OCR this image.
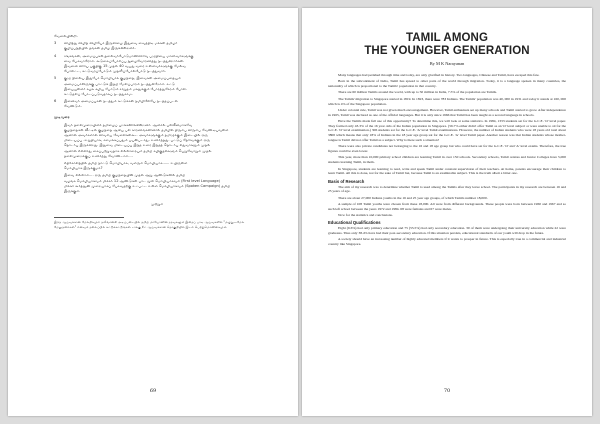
வேலையின்றி.

3	விழித்து விழித் விழியோ இருவிழை இதுவை வைத்திடி மக்கள் தமிழர்

குழிப்பந்தியில் தங்கள் தமிழ இருக்கின்றனர்.

4	சங்கங்கள், அமைப்புகள்,தலைவர்போடுமானிவிரிவு பழுதியை மாணவர்களுக்கு

வை பேசுவாரோம். கூடுகைப்போரிப்பு நுழைவோரணத்து நடத்துகிறார்கள்.

இவனை விரிய பகுதிகு 15 முதல் 40 வயது வரை உள்ளவர்களுக்கு மேல்வ

போலட்ட, சுட்டுவரப்போடும் முதலிப்போல்போடு நடத்துவார்.

5	குழு நிலைய இதுபோ மொழியாக் குழந்தை, இவைகள் அமைப்பதையும்

அமைப்பாளிருக்கு பாட்டுக் இதழ் மேலப்பாரம் நடத்துகிறோம். சுட்டு

இயையுள்ளர் கழக கழியு போடும் சாறுதம் மகதுக்கும் போரத்துகேரம் போல.

சுட்டுதலப் போடப்படுவதாகப் நடத்துகாம.

6	இனைவர் அமைப்புகள் நடத்தும் கட்டுக்கள் நமிழிலேயே நடத்தப்படல்

வேண்டும்.

முடிவுரை

இவர் தலைமுறையினர் தமிழைப் புறக்கணிக்கின்றனர். ஆனால் பலவீனமாகவே

குழந்தைகள் வீட்டில் குழந்தை ஆகிய பல காரணங்களினால் தமிழில் திரும்ப விரும்ப வேண்டியவுள்ள

ஆனால் அவர்களால் விவசிய வேலைகள்கூட அவர்களுக்கும் தமிழுக்கும் இடையில் ஒரு

மிடையப்பு -உறுதியாக, சமைக்கப்பதும் பயன்படாது. உணர்ந்தது. பட்டுப் தேரிவக்கும் ஒரு

தொடர்பு இருக்கிறது. இதுவை மிடையப்பு இந்த உரை இந்தத் தொடர்பு எதுவாகலும் முதல்

ஆனால் எல்லாது கைப்பற்றுவதாக எல்லாரையும் தமிழ் கழிகுதல்களும் பெறுவோறும் முதல்

தலைமுறைக்குப் உணர்ந்து வோண்டாம்....

எதிர்காலத்தில் தமிழ் நாட்டு மொழியாக, வளரும் மொழியாக...... உயிருள்ள

மொழியாக இருக்குமா?

இவை எல்லாம்.... ஒரு தமிழ் குழந்தையின் முதல் ஆறு ஆண்டுகளில் தமிழ்

வழங்க மொழியாகவும் மிக்கர் 12 ஆண்டுகள் பாட மூல மொழியாகவும் (First level Language)

மிக்கர் கூர்த்தூன் முறையாகப் பேசுவதற்கு உட்பட்ட உள்ள மொழியாகவும் (Spoken Campaign) தமிழ்

இருக்கும்.

முற்றும்

இந்த ஆய்வுக்கான மேலதிகமும் தலிவான்கி அடிப்படையில் தமிழ் மாயோனின் தரவுகளும் இதைப் பாடி ஆய்வுகளில் "மழுது—மேல

மேலுதலைகள்" எனவும் தலைப்பில் கட்டுக்கட்டுங்கள் டாக்கு நீட் ஆய்வுக்கான தொகுதியில் இடம் பெற்றுமொனின்கமும்.

69
TAMIL AMONG
THE YOUNGER GENERATION
By M K Narayanan

Many languages had perished through time and today, are only glorified in history. Two languages, Chinese and Tamil, have escaped this fate.

Born in the subcontinent of India, Tamil has spread to other parts of the world through migration. Today, it is a language spoken in many countries, the nationality of which is proportional to the Tamils' population in that country.

There are 60 million Tamils around the world, with up to 50 million in India, 7.5% of the population are Tamils.

The Tamils' migration to Singapore started in 1819. In 1823, there were 783 Indians. The Tamils' population was 40, 000 in 1931 and today it stands at 160, 000 which is 4% of the Singapore population.

Under colonial rule, Tamil was not given much encouragement. However, Tamil enthusiasts set up many schools and Tamil started to grow. After independence in 1965, Tamil was declared as one of the official languages. But it is only since 1966 that Tamil has been taught as a second language in schools.

Have the Tamils made full use of this opportunity? To determine this, we will look at some statistics. In 1984, 1333 students sat for the G.C.E. 'O' level paper. They formed only 43.3% of the 16 year olds of the Indian population in Singapore. (56.7% either didn't offer Tamil as an 'O' level subject or were unable to sit for the G.C.E. 'O' level examination.) 306 students sat for the G.C.E. 'A' level Tamil examinations. However, the number of Indian students who were 18 years old total about 3800 which means that only 18% of Indians in the 18 year age group sat for the G.C.E. 'A' level Tamil paper. Another reason was that Indian students whose mother-tongue is Tamil did not offer Tamil as a subject. Why is there such a situation?

There were also private candidates not belonging to the 16 and 18 age group but who could have sat for the G.C.E. 'O' and 'A' level exams. Therefore, the true figures could be even lower.

This year, more than 10,000 primary school children are learning Tamil in over 150 schools. Secondary schools, Tamil centres and Junior Colleges have 5,000 students learning Tamil, in them.

In Singapore, students are learning to read, write and speak Tamil under constant supervision of their teachers. At home, parents encourage their children to learn Tamil. All this is done, not for the sake of Tamil but, because Tamil is an examinable subject. This is the truth albeit a bitter one.

Basis of Research

The aim of my research was to determine whether Tamil is used among the Tamils after they leave school. The participants in my research are between 16 and 25 years of age.

There are about 27,000 Indians youths in the 16 and 25 year age groups, of which Tamils number 18,000.

A sample of 108 Tamil youths were chosen from these 18,000. All were from different backgrounds. These people were born between 1960 and 1967 and so such left school between the years 1972 and 1984. 68 were females and 67 were males.

Now for the statistics and conclusions.

Educational Qualifications

Eight (9.6%) had only primary education and 75 (55.5%) had only secondary education. 30 of them were undergoing their university education while 22 were graduates. Thus only 38.4% have had their post-secondary education. If this situation persists, educational standards of our youth will drop in the future.

A society should have an increasing number of highly educated members if it wants to prosper in future. This is especially true in a commercial and industrial country like Singapore.

70
